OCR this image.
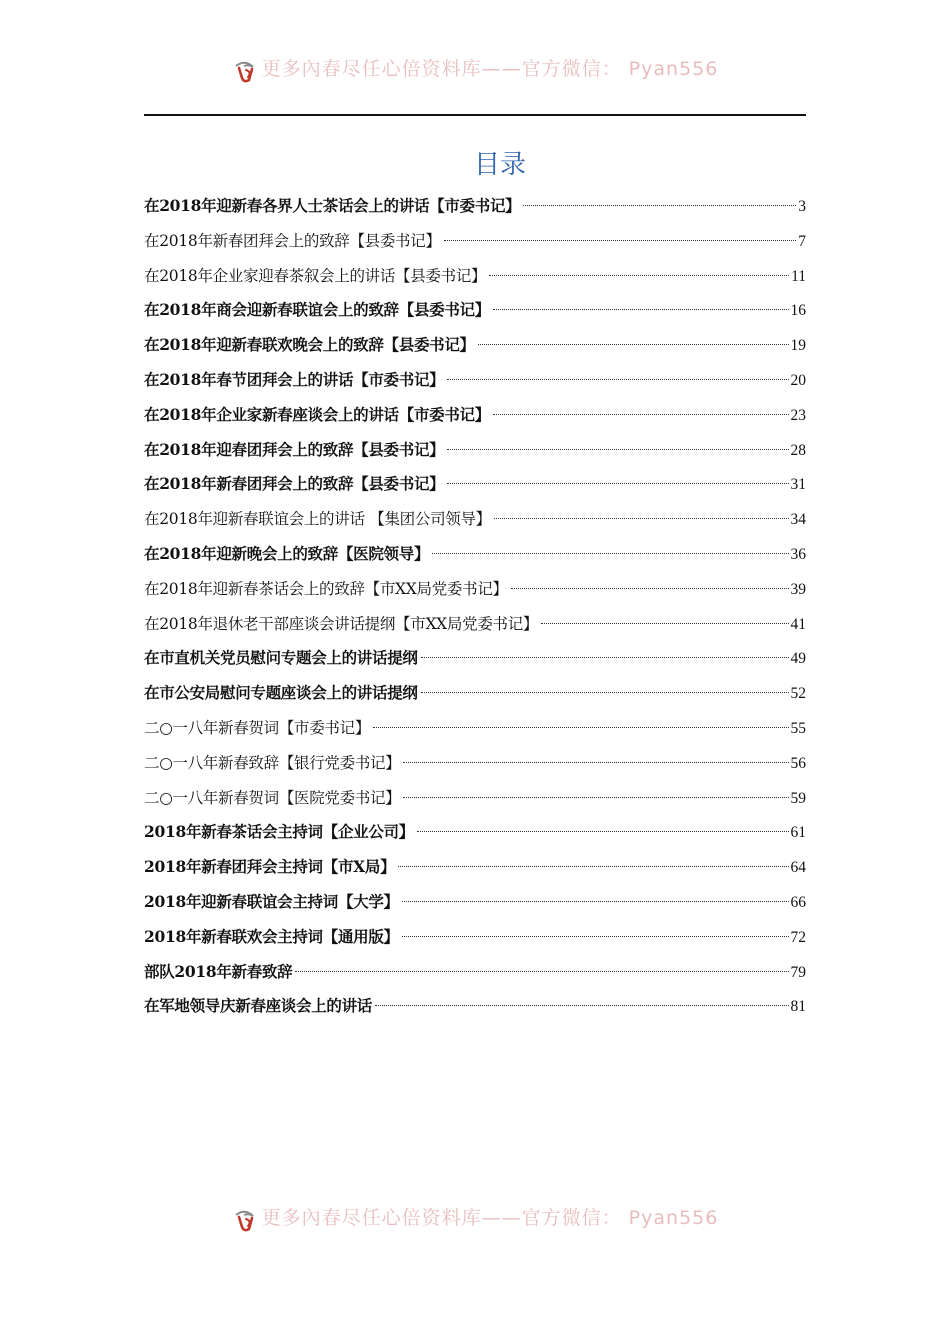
更多內春尽任心倍资料库——官方微信： Pyan556
目录
在2018年迎新春各界人士茶话会上的讲话【市委书记】	3
在2018年新春团拜会上的致辞【县委书记】	7
在2018年企业家迎春茶叙会上的讲话【县委书记】	11
在2018年商会迎新春联谊会上的致辞【县委书记】	16
在2018年迎新春联欢晚会上的致辞【县委书记】	19
在2018年春节团拜会上的讲话【市委书记】	20
在2018年企业家新春座谈会上的讲话【市委书记】	23
在2018年迎春团拜会上的致辞【县委书记】	28
在2018年新春团拜会上的致辞【县委书记】	31
在2018年迎新春联谊会上的讲话 【集团公司领导】	34
在2018年迎新晚会上的致辞【医院领导】	36
在2018年迎新春茶话会上的致辞【市XX局党委书记】	39
在2018年退休老干部座谈会讲话提纲【市XX局党委书记】	41
在市直机关党员慰问专题会上的讲话提纲	49
在市公安局慰问专题座谈会上的讲话提纲	52
二○一八年新春贺词【市委书记】	55
二○一八年新春致辞【银行党委书记】	56
二○一八年新春贺词【医院党委书记】	59
2018年新春茶话会主持词【企业公司】	61
2018年新春团拜会主持词【市X局】	64
2018年迎新春联谊会主持词【大学】	66
2018年新春联欢会主持词【通用版】	72
部队2018年新春致辞	79
在军地领导庆新春座谈会上的讲话	81
更多內春尽任心倍资料库——官方微信： Pyan556
